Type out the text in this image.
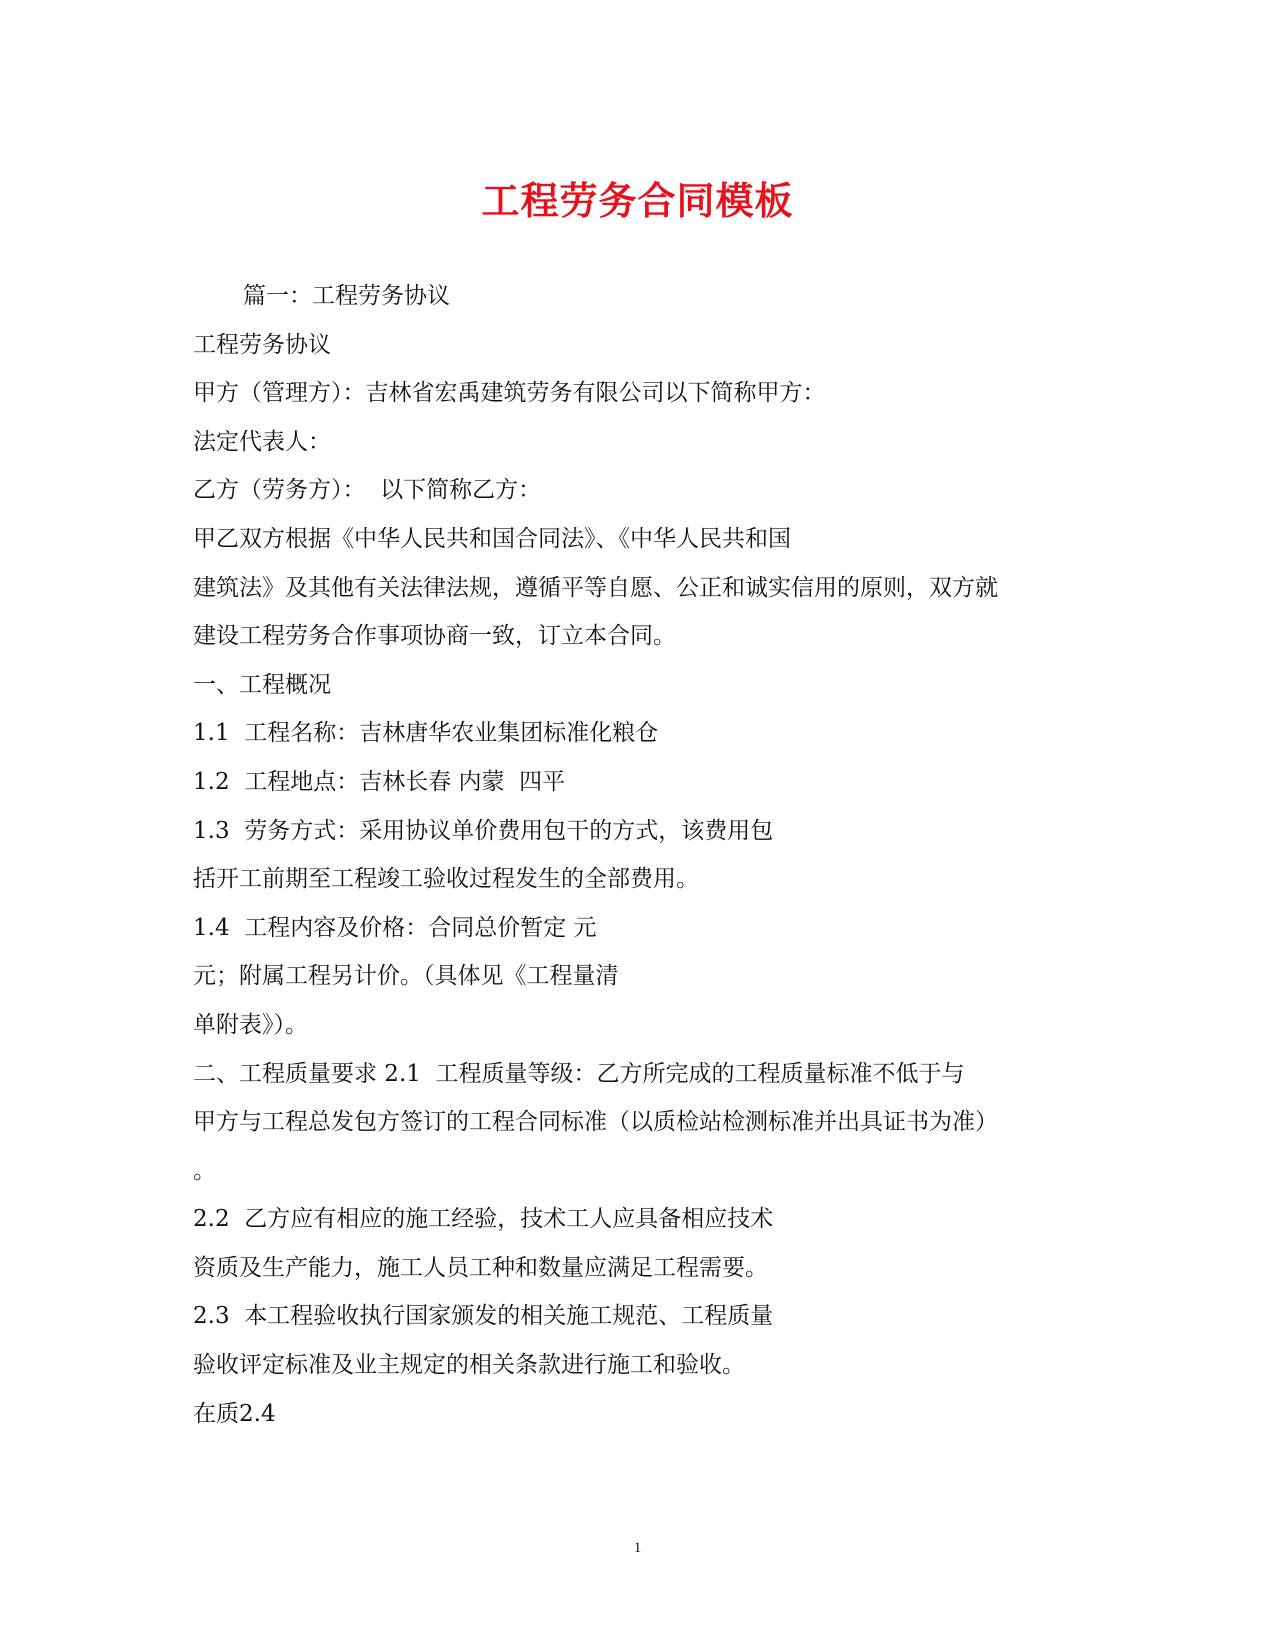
工程劳务合同模板
篇一：工程劳务协议
工程劳务协议
甲方（管理方）：吉林省宏禹建筑劳务有限公司以下简称甲方：
法定代表人：
乙方（劳务方）：  以下简称乙方：
甲乙双方根据《中华人民共和国合同法》、《中华人民共和国
建筑法》及其他有关法律法规，遵循平等自愿、公正和诚实信用的原则，双方就
建设工程劳务合作事项协商一致，订立本合同。
一、工程概况
1.1  工程名称：吉林唐华农业集团标准化粮仓
1.2  工程地点：吉林长春 内蒙  四平
1.3  劳务方式：采用协议单价费用包干的方式，该费用包
括开工前期至工程竣工验收过程发生的全部费用。
1.4  工程内容及价格：合同总价暂定 元
元；附属工程另计价。（具体见《工程量清
单附表》）。
二、工程质量要求 2.1  工程质量等级：乙方所完成的工程质量标准不低于与
甲方与工程总发包方签订的工程合同标准（以质检站检测标准并出具证书为准）
。
2.2  乙方应有相应的施工经验，技术工人应具备相应技术
资质及生产能力，施工人员工种和数量应满足工程需要。
2.3  本工程验收执行国家颁发的相关施工规范、工程质量
验收评定标准及业主规定的相关条款进行施工和验收。
在质2.4
1
